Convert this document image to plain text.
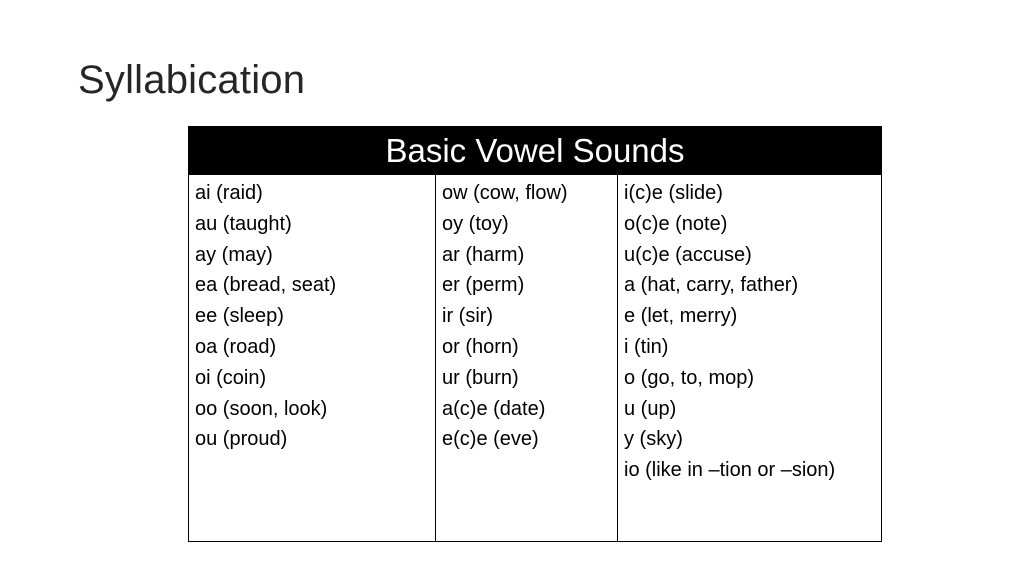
Syllabication
Basic Vowel Sounds
ai (raid)
au (taught)
ay (may)
ea (bread, seat)
ee (sleep)
oa (road)
oi (coin)
oo (soon, look)
ou (proud)
ow (cow, flow)
oy (toy)
ar (harm)
er (perm)
ir (sir)
or (horn)
ur (burn)
a(c)e (date)
e(c)e (eve)
i(c)e (slide)
o(c)e (note)
u(c)e (accuse)
a (hat, carry, father)
e (let, merry)
i (tin)
o (go, to, mop)
u (up)
y (sky)
io (like in –tion or –sion)
